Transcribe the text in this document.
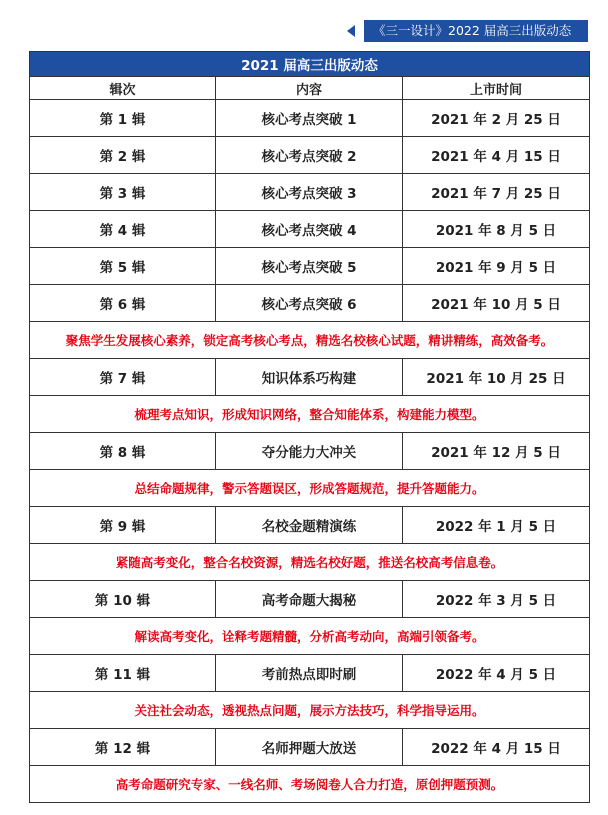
《三一设计》2022 届高三出版动态
2021 届高三出版动态		
辑次	内容	上市时间
第 1 辑	核心考点突破 1	2021 年 2 月 25 日
第 2 辑	核心考点突破 2	2021 年 4 月 15 日
第 3 辑	核心考点突破 3	2021 年 7 月 25 日
第 4 辑	核心考点突破 4	2021 年 8 月 5 日
第 5 辑	核心考点突破 5	2021 年 9 月 5 日
第 6 辑	核心考点突破 6	2021 年 10 月 5 日
聚焦学生发展核心素养，锁定高考核心考点，精选名校核心试题，精讲精练，高效备考。		
第 7 辑	知识体系巧构建	2021 年 10 月 25 日
梳理考点知识，形成知识网络，整合知能体系，构建能力模型。		
第 8 辑	夺分能力大冲关	2021 年 12 月 5 日
总结命题规律，警示答题误区，形成答题规范，提升答题能力。		
第 9 辑	名校金题精演练	2022 年 1 月 5 日
紧随高考变化，整合名校资源，精选名校好题，推送名校高考信息卷。		
第 10 辑	高考命题大揭秘	2022 年 3 月 5 日
解读高考变化，诠释考题精髓，分析高考动向，高端引领备考。		
第 11 辑	考前热点即时刷	2022 年 4 月 5 日
关注社会动态，透视热点问题，展示方法技巧，科学指导运用。		
第 12 辑	名师押题大放送	2022 年 4 月 15 日
高考命题研究专家、一线名师、考场阅卷人合力打造，原创押题预测。		
